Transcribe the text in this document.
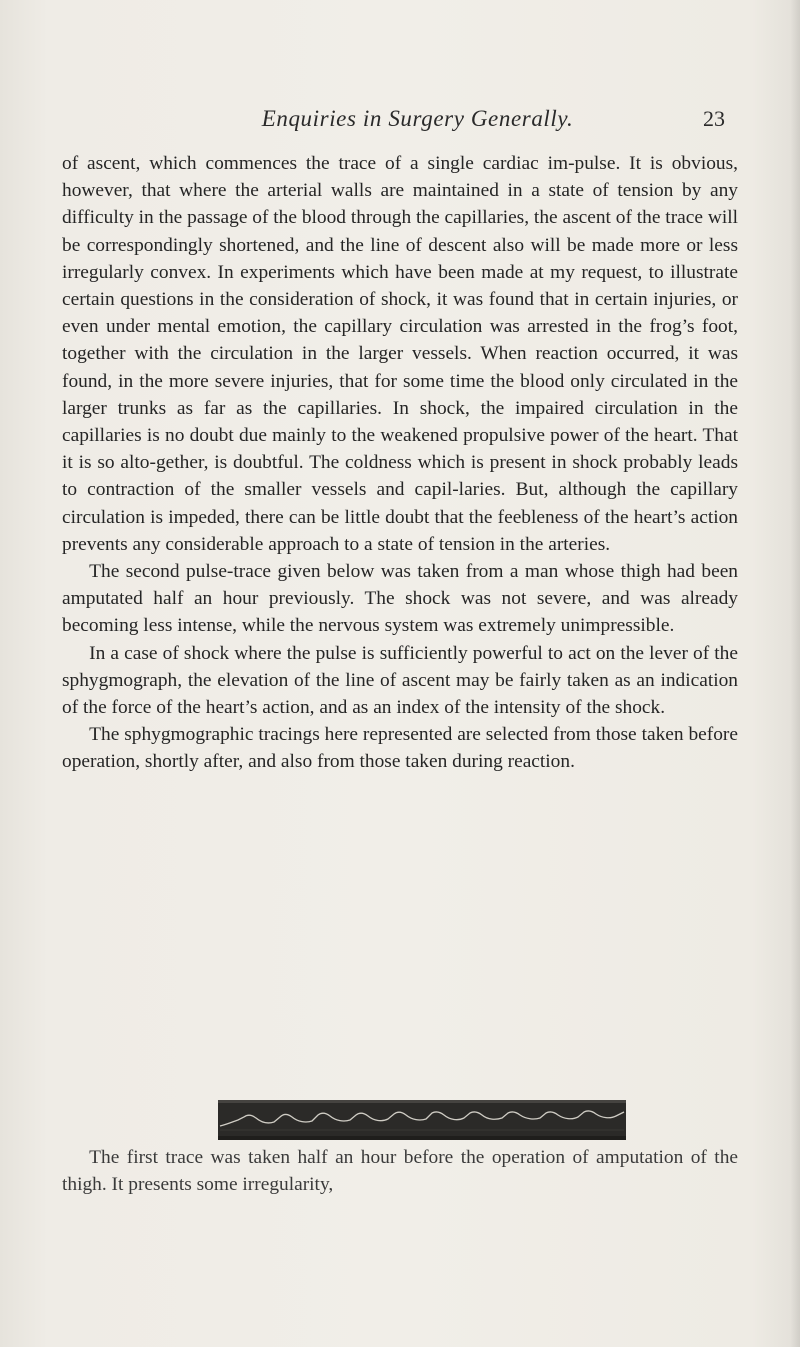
Enquiries in Surgery Generally.	23

of ascent, which commences the trace of a single cardiac im-pulse. It is obvious, however, that where the arterial walls are maintained in a state of tension by any difficulty in the passage of the blood through the capillaries, the ascent of the trace will be correspondingly shortened, and the line of descent also will be made more or less irregularly convex. In experiments which have been made at my request, to illustrate certain questions in the consideration of shock, it was found that in certain injuries, or even under mental emotion, the capillary circulation was arrested in the frog’s foot, together with the circulation in the larger vessels. When reaction occurred, it was found, in the more severe injuries, that for some time the blood only circulated in the larger trunks as far as the capillaries. In shock, the impaired circulation in the capillaries is no doubt due mainly to the weakened propulsive power of the heart. That it is so alto-gether, is doubtful. The coldness which is present in shock probably leads to contraction of the smaller vessels and capil-laries. But, although the capillary circulation is impeded, there can be little doubt that the feebleness of the heart’s action prevents any considerable approach to a state of tension in the arteries.

The second pulse-trace given below was taken from a man whose thigh had been amputated half an hour previously. The shock was not severe, and was already becoming less intense, while the nervous system was extremely unimpressible.

In a case of shock where the pulse is sufficiently powerful to act on the lever of the sphygmograph, the elevation of the line of ascent may be fairly taken as an indication of the force of the heart’s action, and as an index of the intensity of the shock.

The sphygmographic tracings here represented are selected from those taken before operation, shortly after, and also from those taken during reaction.

The first trace was taken half an hour before the operation of amputation of the thigh. It presents some irregularity,
